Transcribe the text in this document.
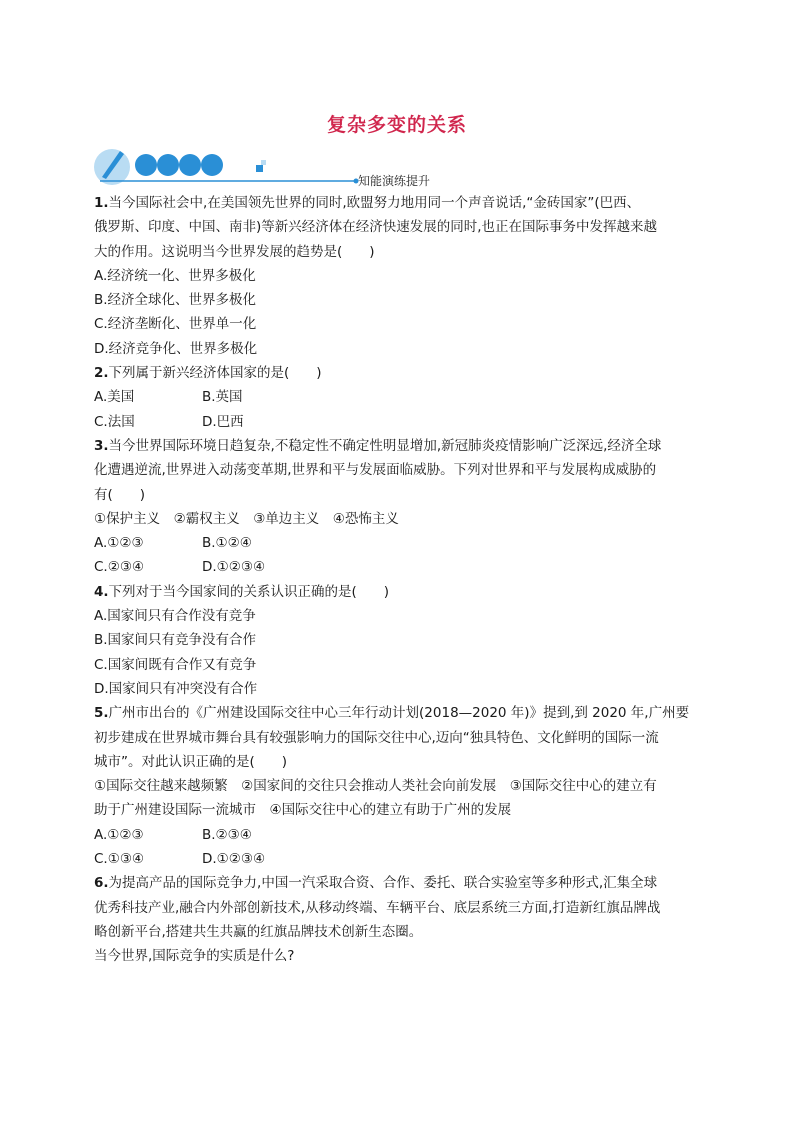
复杂多变的关系
知能演练提升
1.当今国际社会中,在美国领先世界的同时,欧盟努力地用同一个声音说话,“金砖国家”(巴西、
俄罗斯、印度、中国、南非)等新兴经济体在经济快速发展的同时,也正在国际事务中发挥越来越
大的作用。这说明当今世界发展的趋势是(　　)
A.经济统一化、世界多极化
B.经济全球化、世界多极化
C.经济垄断化、世界单一化
D.经济竞争化、世界多极化
2.下列属于新兴经济体国家的是(　　)
A.美国	B.英国
C.法国	D.巴西
3.当今世界国际环境日趋复杂,不稳定性不确定性明显增加,新冠肺炎疫情影响广泛深远,经济全球
化遭遇逆流,世界进入动荡变革期,世界和平与发展面临威胁。下列对世界和平与发展构成威胁的
有(　　)
①保护主义　②霸权主义　③单边主义　④恐怖主义
A.①②③	B.①②④
C.②③④	D.①②③④
4.下列对于当今国家间的关系认识正确的是(　　)
A.国家间只有合作没有竞争
B.国家间只有竞争没有合作
C.国家间既有合作又有竞争
D.国家间只有冲突没有合作
5.广州市出台的《广州建设国际交往中心三年行动计划(2018—2020 年)》提到,到 2020 年,广州要
初步建成在世界城市舞台具有较强影响力的国际交往中心,迈向“独具特色、文化鲜明的国际一流
城市”。对此认识正确的是(　　)
①国际交往越来越频繁　②国家间的交往只会推动人类社会向前发展　③国际交往中心的建立有
助于广州建设国际一流城市　④国际交往中心的建立有助于广州的发展
A.①②③	B.②③④
C.①③④	D.①②③④
6.为提高产品的国际竞争力,中国一汽采取合资、合作、委托、联合实验室等多种形式,汇集全球
优秀科技产业,融合内外部创新技术,从移动终端、车辆平台、底层系统三方面,打造新红旗品牌战
略创新平台,搭建共生共赢的红旗品牌技术创新生态圈。
当今世界,国际竞争的实质是什么?
